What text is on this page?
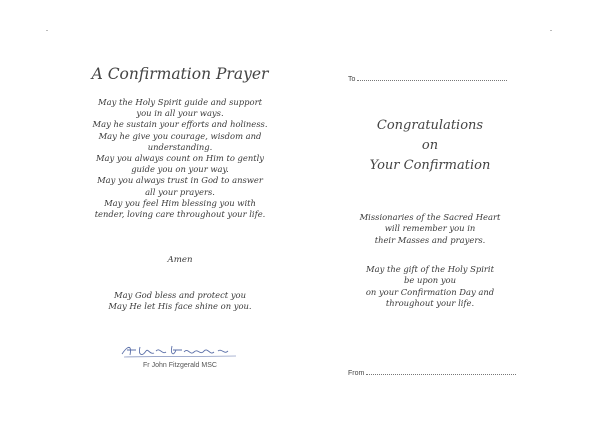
A Confirmation Prayer
May the Holy Spirit guide and support
you in all your ways.
May he sustain your efforts and holiness.
May he give you courage, wisdom and
understanding.
May you always count on Him to gently
guide you on your way.
May you always trust in God to answer
all your prayers.
May you feel Him blessing you with
tender, loving care throughout your life.
Amen
May God bless and protect you
May He let His face shine on you.
Fr John Fitzgerald MSC
To
Congratulations
on
Your Confirmation
Missionaries of the Sacred Heart
will remember you in
their Masses and prayers.
May the gift of the Holy Spirit
be upon you
on your Confirmation Day and
throughout your life.
From
